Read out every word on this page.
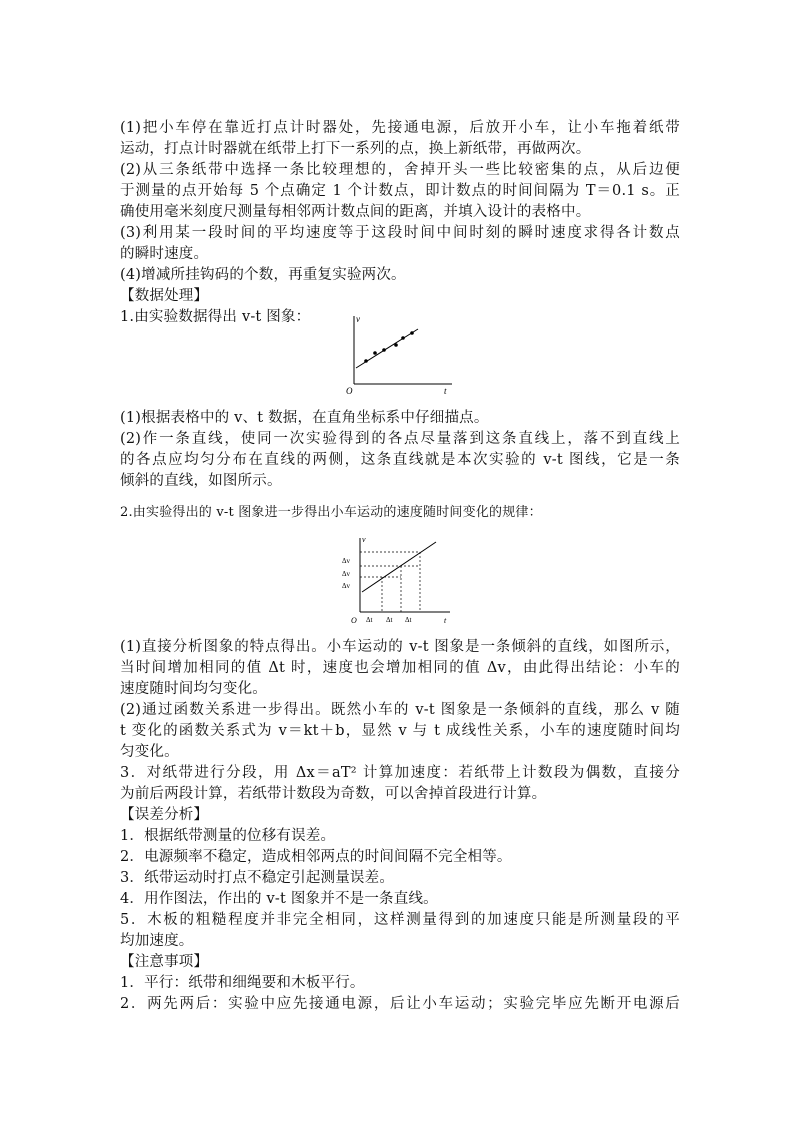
(1)把小车停在靠近打点计时器处，先接通电源，后放开小车，让小车拖着纸带
运动，打点计时器就在纸带上打下一系列的点，换上新纸带，再做两次。
(2)从三条纸带中选择一条比较理想的，舍掉开头一些比较密集的点，从后边便
于测量的点开始每 5 个点确定 1 个计数点，即计数点的时间间隔为 T＝0.1 s。正
确使用毫米刻度尺测量每相邻两计数点间的距离，并填入设计的表格中。
(3)利用某一段时间的平均速度等于这段时间中间时刻的瞬时速度求得各计数点
的瞬时速度。
(4)增减所挂钩码的个数，再重复实验两次。
【数据处理】
1.由实验数据得出 v-t 图象：	v
t
O
(1)根据表格中的 v、t 数据，在直角坐标系中仔细描点。
(2)作一条直线，使同一次实验得到的各点尽量落到这条直线上，落不到直线上
的各点应均匀分布在直线的两侧，这条直线就是本次实验的 v-t 图线，它是一条
倾斜的直线，如图所示。
2.由实验得出的 v-t 图象进一步得出小车运动的速度随时间变化的规律：
v
t
O
Δv
Δv
Δv
Δt Δt Δt
(1)直接分析图象的特点得出。小车运动的 v-t 图象是一条倾斜的直线，如图所示，
当时间增加相同的值 Δt 时，速度也会增加相同的值 Δv，由此得出结论：小车的
速度随时间均匀变化。
(2)通过函数关系进一步得出。既然小车的 v-t 图象是一条倾斜的直线，那么 v 随
t 变化的函数关系式为 v＝kt＋b，显然 v 与 t 成线性关系，小车的速度随时间均
匀变化。
3．对纸带进行分段，用 Δx＝aT² 计算加速度：若纸带上计数段为偶数，直接分
为前后两段计算，若纸带计数段为奇数，可以舍掉首段进行计算。
【误差分析】
1．根据纸带测量的位移有误差。
2．电源频率不稳定，造成相邻两点的时间间隔不完全相等。
3．纸带运动时打点不稳定引起测量误差。
4．用作图法，作出的 v-t 图象并不是一条直线。
5．木板的粗糙程度并非完全相同，这样测量得到的加速度只能是所测量段的平
均加速度。
【注意事项】
1．平行：纸带和细绳要和木板平行。
2．两先两后：实验中应先接通电源，后让小车运动；实验完毕应先断开电源后
